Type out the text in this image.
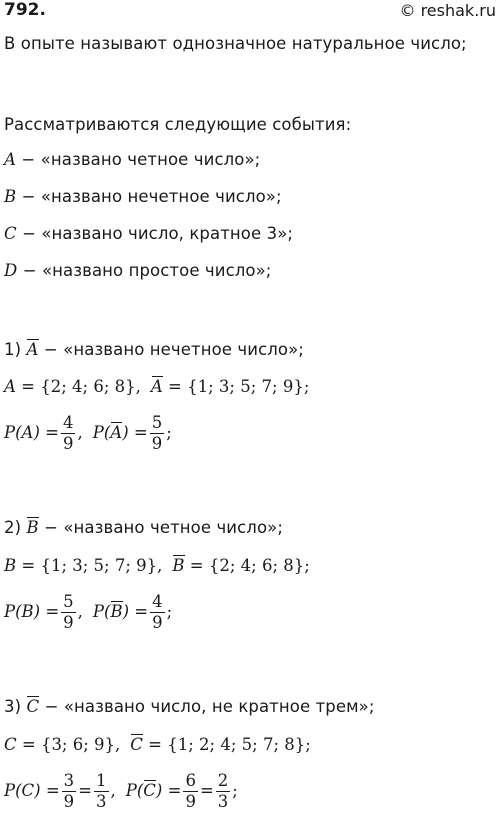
792.	© reshak.ru
В опыте называют однозначное натуральное число;
Рассматриваются следующие события:
A − «названо четное число»;
B − «названо нечетное число»;
C − «названо число, кратное 3»;
D − «названо простое число»;
1) A − «названо нечетное число»;
A = {2; 4; 6; 8}, A = {1; 3; 5; 7; 9};
$P(A) = \frac{4}{9}$ , $P(A) = \frac{5}{9}$ ;
2) B − «названо четное число»;
B = {1; 3; 5; 7; 9}, B = {2; 4; 6; 8};
$P(B) = \frac{5}{9}$ , $P(B) = \frac{4}{9}$ ;
3) C − «названо число, не кратное трем»;
C = {3; 6; 9}, C = {1; 2; 4; 5; 7; 8};
$P(C) = \frac{3}{9} = \frac{1}{3}$ , $P(C) = \frac{6}{9} = \frac{2}{3}$ ;
